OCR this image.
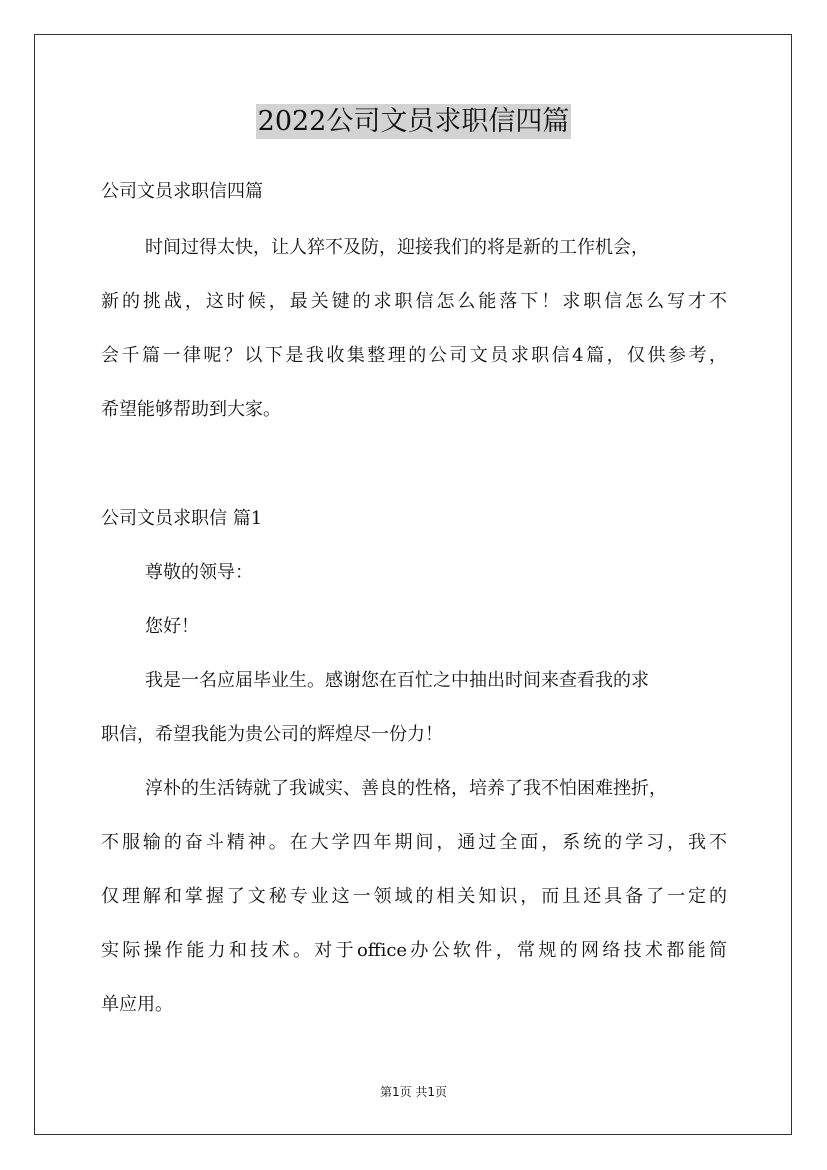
2022公司文员求职信四篇
公司文员求职信四篇
时间过得太快，让人猝不及防，迎接我们的将是新的工作机会，
新的挑战，这时候，最关键的求职信怎么能落下！求职信怎么写才不
会千篇一律呢？以下是我收集整理的公司文员求职信4篇，仅供参考，
希望能够帮助到大家。
公司文员求职信 篇1
尊敬的领导：
您好！
我是一名应届毕业生。感谢您在百忙之中抽出时间来查看我的求
职信，希望我能为贵公司的辉煌尽一份力！
淳朴的生活铸就了我诚实、善良的性格，培养了我不怕困难挫折，
不服输的奋斗精神。在大学四年期间，通过全面，系统的学习，我不
仅理解和掌握了文秘专业这一领域的相关知识，而且还具备了一定的
实际操作能力和技术。对于office办公软件，常规的网络技术都能简
单应用。
第1页 共1页
